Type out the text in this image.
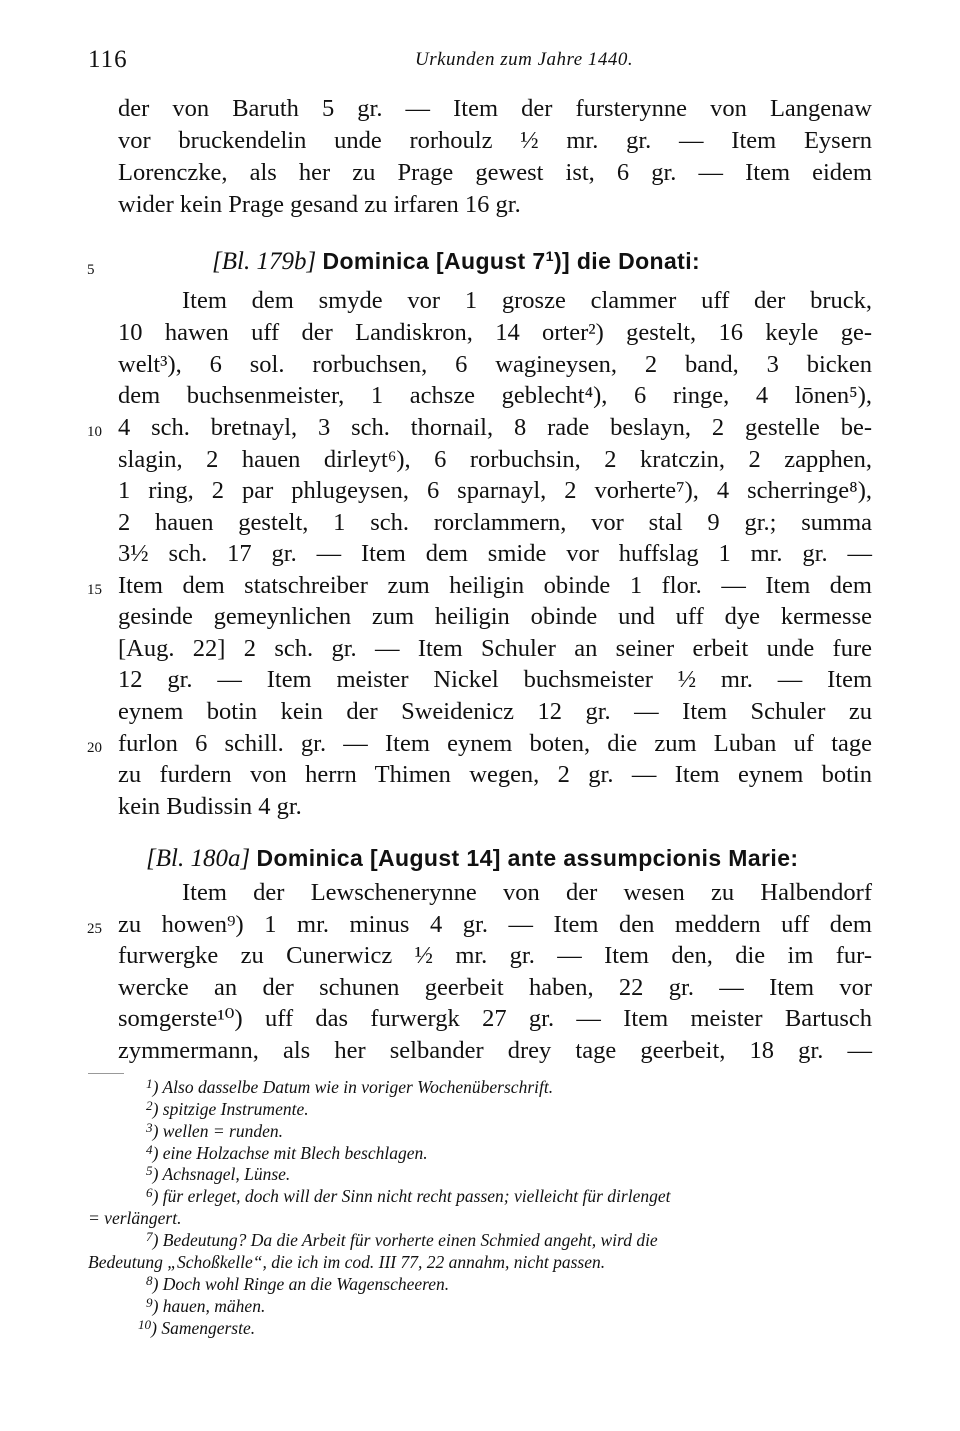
116	Urkunden zum Jahre 1440.
der von Baruth 5 gr. — Item der fursterynne von Langenaw
vor bruckendelin unde rorhoulz ½ mr. gr. — Item Eysern
Lorenczke, als her zu Prage gewest ist, 6 gr. — Item eidem
wider kein Prage gesand zu irfaren 16 gr.
5	[Bl. 179b] Dominica [August $7^1$)] die Donati:
Item dem smyde vor 1 grosze clammer uff der bruck,
10 hawen uff der Landiskron, 14 orter²) gestelt, 16 keyle ge-
welt³), 6 sol. rorbuchsen, 6 wagineysen, 2 band, 3 bicken
dem buchsenmeister, 1 achsze geblecht⁴), 6 ringe, 4 lōnen⁵),
10 4 sch. bretnayl, 3 sch. thornail, 8 rade beslayn, 2 gestelle be-
slagin, 2 hauen dirleyt⁶), 6 rorbuchsin, 2 kratczin, 2 zapphen,
1 ring, 2 par phlugeysen, 6 sparnayl, 2 vorherte⁷), 4 scherringe⁸),
2 hauen gestelt, 1 sch. rorclammern, vor stal 9 gr.; summa
3½ sch. 17 gr. — Item dem smide vor huffslag 1 mr. gr. —
15 Item dem statschreiber zum heiligin obinde 1 flor. — Item dem
gesinde gemeynlichen zum heiligin obinde und uff dye kermesse
[Aug. 22] 2 sch. gr. — Item Schuler an seiner erbeit unde fure
12 gr. — Item meister Nickel buchsmeister ½ mr. — Item
eynem botin kein der Sweidenicz 12 gr. — Item Schuler zu
20 furlon 6 schill. gr. — Item eynem boten, die zum Luban uf tage
zu furdern von herrn Thimen wegen, 2 gr. — Item eynem botin
kein Budissin 4 gr.
[Bl. 180a] Dominica [August 14] ante assumpcionis Marie:
Item der Lewschenerynne von der wesen zu Halbendorf
25 zu howen⁹) 1 mr. minus 4 gr. — Item den meddern uff dem
furwergke zu Cunerwicz ½ mr. gr. — Item den, die im fur-
wercke an der schunen geerbeit haben, 22 gr. — Item vor
somgerste¹⁰) uff das furwergk 27 gr. — Item meister Bartusch
zymmermann, als her selbander drey tage geerbeit, 18 gr. —
$^1$) Also dasselbe Datum wie in voriger Wochenüberschrift.
$^2$) spitzige Instrumente.
$^3$) wellen = runden.
$^4$) eine Holzachse mit Blech beschlagen.
$^5$) Achsnagel, Lünse.
$^6$) für erleget, doch will der Sinn nicht recht passen; vielleicht für dirlenget
= verlängert.
$^7$) Bedeutung? Da die Arbeit für vorherte einen Schmied angeht, wird die
Bedeutung „Schoßkelle“, die ich im cod. III 77, 22 annahm, nicht passen.
$^8$) Doch wohl Ringe an die Wagenscheeren.
$^9$) hauen, mähen.
$^{10}$) Samengerste.
